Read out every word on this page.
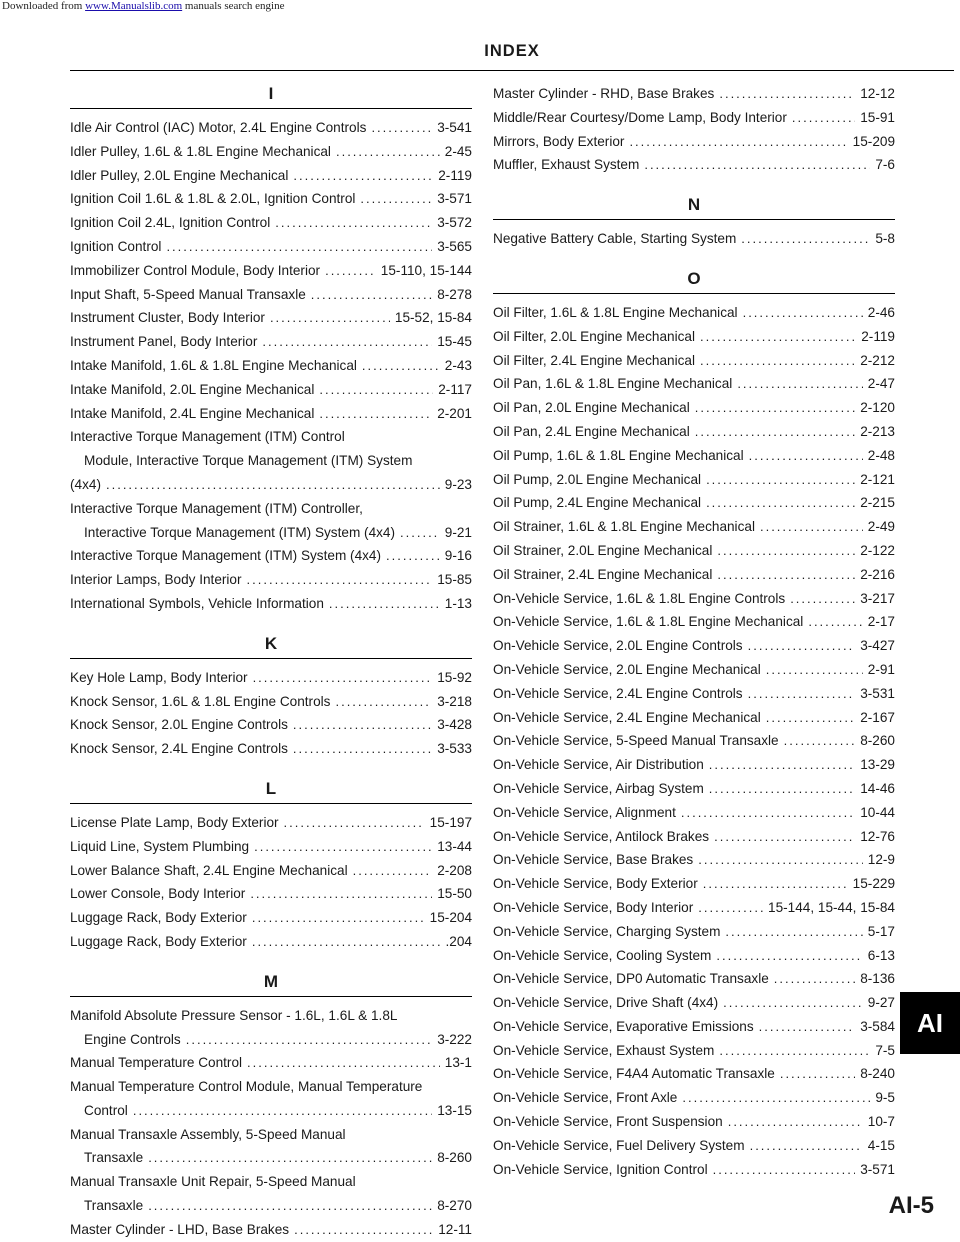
Downloaded from www.Manualslib.com manuals search engine
INDEX
I
Idle Air Control (IAC) Motor, 2.4L Engine Controls .....	3-541
Idler Pulley, 1.6L & 1.8L Engine Mechanical .....	2-45
Idler Pulley, 2.0L Engine Mechanical .....	2-119
Ignition Coil 1.6L & 1.8L & 2.0L, Ignition Control .....	3-571
Ignition Coil 2.4L, Ignition Control .....	3-572
Ignition Control .....	3-565
Immobilizer Control Module, Body Interior .....	15-110, 15-144
Input Shaft, 5-Speed Manual Transaxle .....	8-278
Instrument Cluster, Body Interior .....	15-52, 15-84
Instrument Panel, Body Interior .....	15-45
Intake Manifold, 1.6L & 1.8L Engine Mechanical .....	2-43
Intake Manifold, 2.0L Engine Mechanical .....	2-117
Intake Manifold, 2.4L Engine Mechanical .....	2-201
Interactive Torque Management (ITM) Control
Module, Interactive Torque Management (ITM) System
(4x4) .....	9-23
Interactive Torque Management (ITM) Controller,
Interactive Torque Management (ITM) System (4x4) .....	9-21
Interactive Torque Management (ITM) System (4x4) .....	9-16
Interior Lamps, Body Interior .....	15-85
International Symbols, Vehicle Information .....	1-13
K
Key Hole Lamp, Body Interior .....	15-92
Knock Sensor, 1.6L & 1.8L Engine Controls .....	3-218
Knock Sensor, 2.0L Engine Controls .....	3-428
Knock Sensor, 2.4L Engine Controls .....	3-533
L
License Plate Lamp, Body Exterior .....	15-197
Liquid Line, System Plumbing .....	13-44
Lower Balance Shaft, 2.4L Engine Mechanical .....	2-208
Lower Console, Body Interior .....	15-50
Luggage Rack, Body Exterior .....	15-204
Luggage Rack, Body Exterior .....	.204
M
Manifold Absolute Pressure Sensor - 1.6L, 1.6L & 1.8L
Engine Controls .....	3-222
Manual Temperature Control .....	13-1
Manual Temperature Control Module, Manual Temperature
Control .....	13-15
Manual Transaxle Assembly, 5-Speed Manual
Transaxle .....	8-260
Manual Transaxle Unit Repair, 5-Speed Manual
Transaxle .....	8-270
Master Cylinder - LHD, Base Brakes .....	12-11
Master Cylinder - RHD, Base Brakes .....	12-12
Middle/Rear Courtesy/Dome Lamp, Body Interior .....	15-91
Mirrors, Body Exterior .....	15-209
Muffler, Exhaust System .....	7-6
N
Negative Battery Cable, Starting System .....	5-8
O
Oil Filter, 1.6L & 1.8L Engine Mechanical .....	2-46
Oil Filter, 2.0L Engine Mechanical .....	2-119
Oil Filter, 2.4L Engine Mechanical .....	2-212
Oil Pan, 1.6L & 1.8L Engine Mechanical .....	2-47
Oil Pan, 2.0L Engine Mechanical .....	2-120
Oil Pan, 2.4L Engine Mechanical .....	2-213
Oil Pump, 1.6L & 1.8L Engine Mechanical .....	2-48
Oil Pump, 2.0L Engine Mechanical .....	2-121
Oil Pump, 2.4L Engine Mechanical .....	2-215
Oil Strainer, 1.6L & 1.8L Engine Mechanical .....	2-49
Oil Strainer, 2.0L Engine Mechanical .....	2-122
Oil Strainer, 2.4L Engine Mechanical .....	2-216
On-Vehicle Service, 1.6L & 1.8L Engine Controls .....	3-217
On-Vehicle Service, 1.6L & 1.8L Engine Mechanical .....	2-17
On-Vehicle Service, 2.0L Engine Controls .....	3-427
On-Vehicle Service, 2.0L Engine Mechanical .....	2-91
On-Vehicle Service, 2.4L Engine Controls .....	3-531
On-Vehicle Service, 2.4L Engine Mechanical .....	2-167
On-Vehicle Service, 5-Speed Manual Transaxle .....	8-260
On-Vehicle Service, Air Distribution .....	13-29
On-Vehicle Service, Airbag System .....	14-46
On-Vehicle Service, Alignment .....	10-44
On-Vehicle Service, Antilock Brakes .....	12-76
On-Vehicle Service, Base Brakes .....	12-9
On-Vehicle Service, Body Exterior .....	15-229
On-Vehicle Service, Body Interior .....	15-144, 15-44, 15-84
On-Vehicle Service, Charging System .....	5-17
On-Vehicle Service, Cooling System .....	6-13
On-Vehicle Service, DP0 Automatic Transaxle .....	8-136
On-Vehicle Service, Drive Shaft (4x4) .....	9-27
On-Vehicle Service, Evaporative Emissions .....	3-584
On-Vehicle Service, Exhaust System .....	7-5
On-Vehicle Service, F4A4 Automatic Transaxle .....	8-240
On-Vehicle Service, Front Axle .....	9-5
On-Vehicle Service, Front Suspension .....	10-7
On-Vehicle Service, Fuel Delivery System .....	4-15
On-Vehicle Service, Ignition Control .....	3-571
AI
AI-5
